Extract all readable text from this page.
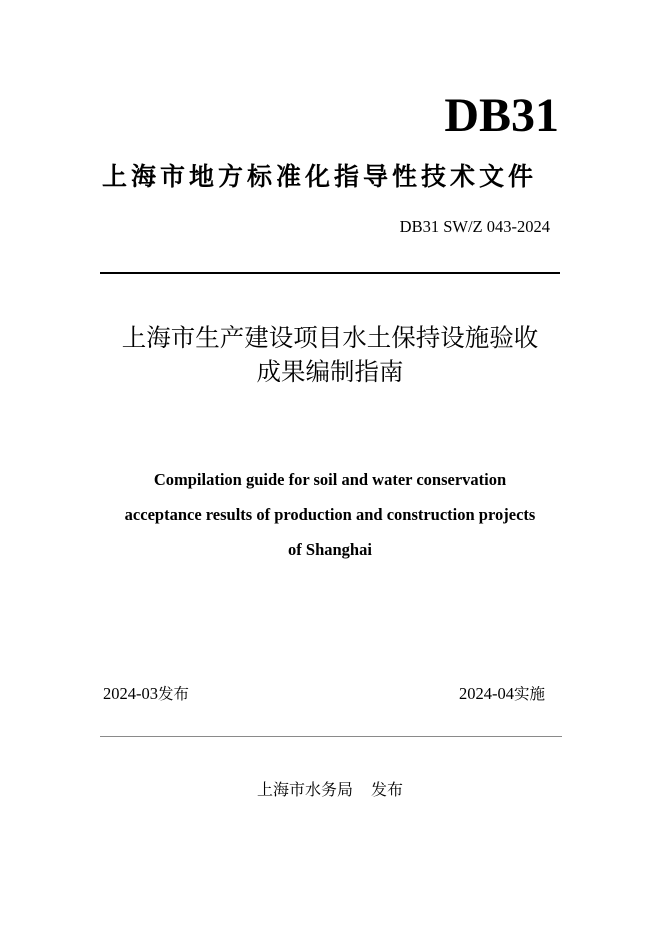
DB31
上海市地方标准化指导性技术文件
DB31 SW/Z 043-2024
上海市生产建设项目水土保持设施验收
成果编制指南
Compilation guide for soil and water conservation
acceptance results of production and construction projects
of Shanghai
2024-03发布	2024-04实施
上海市水务局 发布
